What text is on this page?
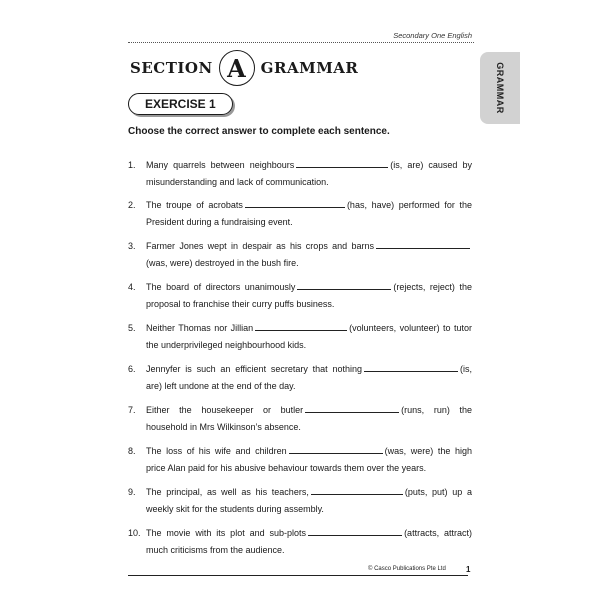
Secondary One English
SECTION A GRAMMAR
EXERCISE 1	GRAMMAR
Choose the correct answer to complete each sentence.
1.	Many quarrels between neighbours	(is, are) caused by misunderstanding and lack of communication.
2.	The troupe of acrobats	(has, have) performed for the President during a fundraising event.
3.	Farmer Jones wept in despair as his crops and barns(was, were) destroyed in the bush fire.
4.	The board of directors unanimously	(rejects, reject) the proposal to franchise their curry puffs business.
5.	Neither Thomas nor Jillian	(volunteers, volunteer) to tutor the underprivileged neighbourhood kids.
6.	Jennyfer is such an efficient secretary that nothing	(is, are) left undone at the end of the day.
7.	Either the housekeeper or butler	(runs, run) the household in Mrs Wilkinson’s absence.
8.	The loss of his wife and children	(was, were) the high price Alan paid for his abusive behaviour towards them over the years.
9.	The principal, as well as his teachers,	(puts, put) up a weekly skit for the students during assembly.
10. The movie with its plot and sub-plots	(attracts, attract) much criticisms from the audience.
© Casco Publications Pte Ltd	1
